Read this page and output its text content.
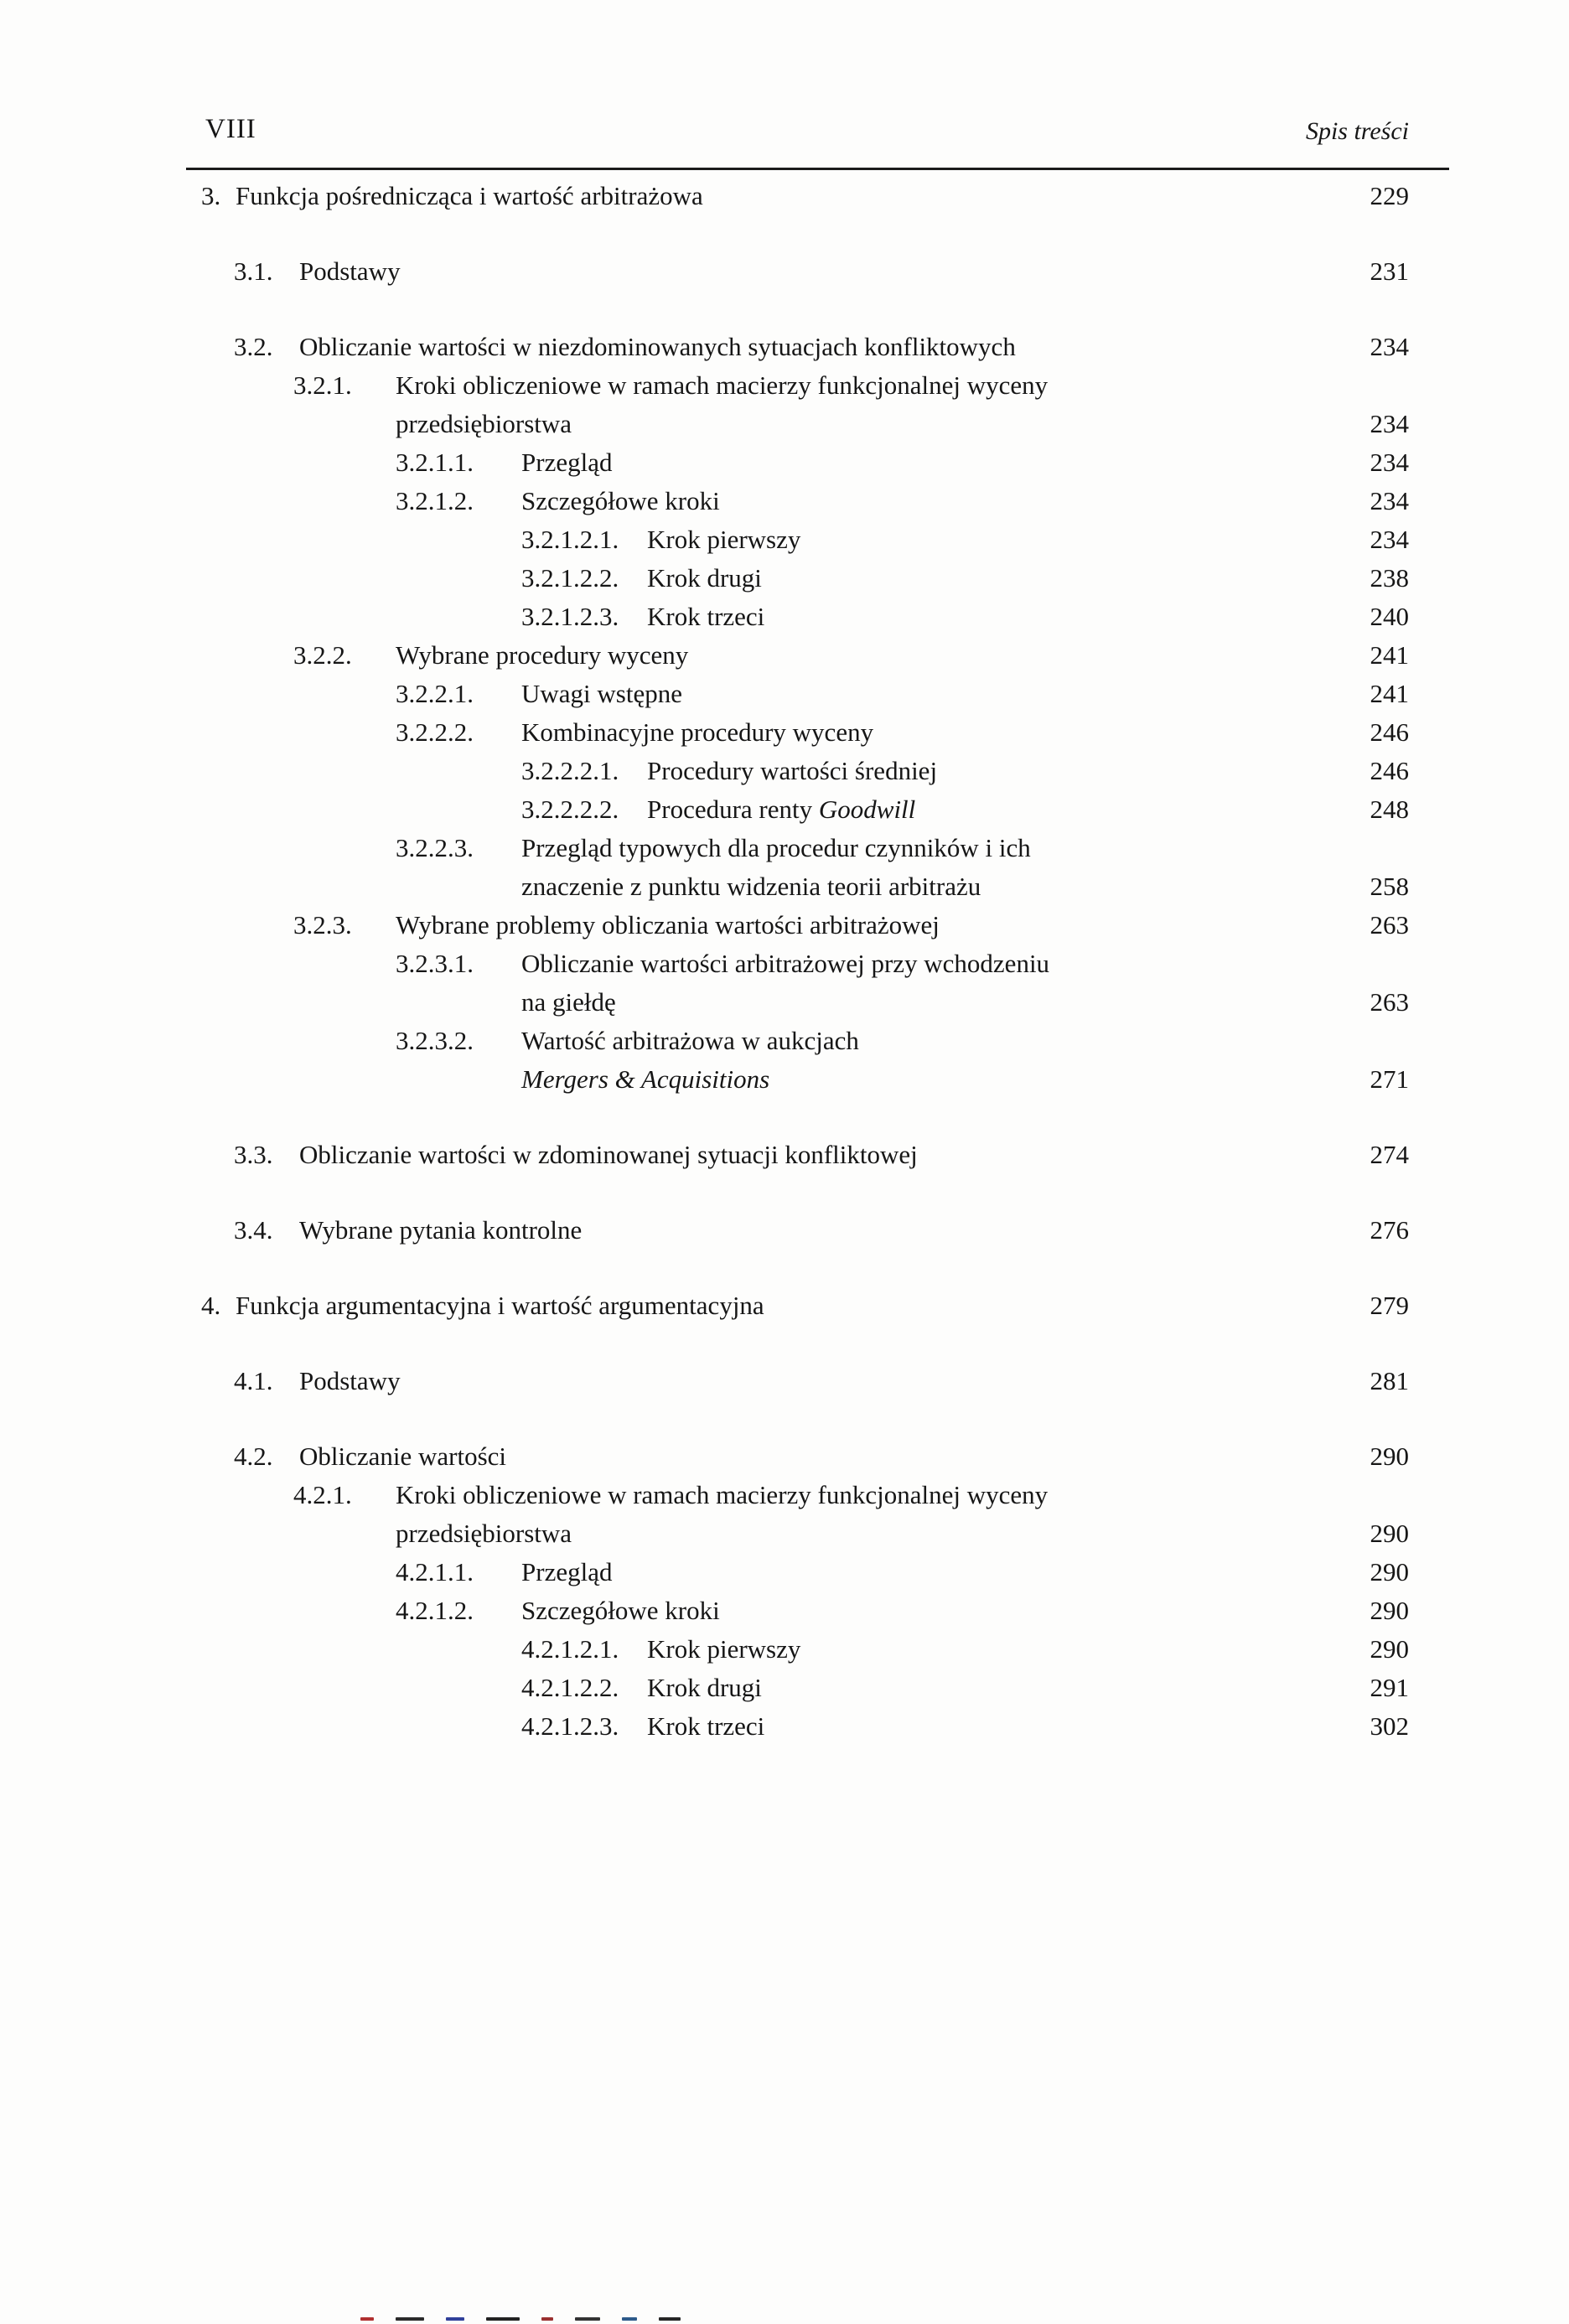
VIII	Spis treści
3. Funkcja pośrednicząca i wartość arbitrażowa	229
3.1.	Podstawy	231
3.2.	Obliczanie wartości w niezdominowanych sytuacjach konfliktowych	234
3.2.1.	Kroki obliczeniowe w ramach macierzy funkcjonalnej wyceny
przedsiębiorstwa	234
3.2.1.1.	Przegląd	234
3.2.1.2.	Szczegółowe kroki	234
3.2.1.2.1.	Krok pierwszy	234
3.2.1.2.2.	Krok drugi	238
3.2.1.2.3.	Krok trzeci	240
3.2.2.	Wybrane procedury wyceny	241
3.2.2.1.	Uwagi wstępne	241
3.2.2.2.	Kombinacyjne procedury wyceny	246
3.2.2.2.1.	Procedury wartości średniej	246
3.2.2.2.2.	Procedura renty Goodwill	248
3.2.2.3.	Przegląd typowych dla procedur czynników i ich
znaczenie z punktu widzenia teorii arbitrażu	258
3.2.3.	Wybrane problemy obliczania wartości arbitrażowej	263
3.2.3.1.	Obliczanie wartości arbitrażowej przy wchodzeniu
na giełdę	263
3.2.3.2.	Wartość arbitrażowa w aukcjach
Mergers & Acquisitions	271
3.3.	Obliczanie wartości w zdominowanej sytuacji konfliktowej	274
3.4.	Wybrane pytania kontrolne	276
4. Funkcja argumentacyjna i wartość argumentacyjna	279
4.1.	Podstawy	281
4.2.	Obliczanie wartości	290
4.2.1.	Kroki obliczeniowe w ramach macierzy funkcjonalnej wyceny
przedsiębiorstwa	290
4.2.1.1.	Przegląd	290
4.2.1.2.	Szczegółowe kroki	290
4.2.1.2.1.	Krok pierwszy	290
4.2.1.2.2.	Krok drugi	291
4.2.1.2.3.	Krok trzeci	302
